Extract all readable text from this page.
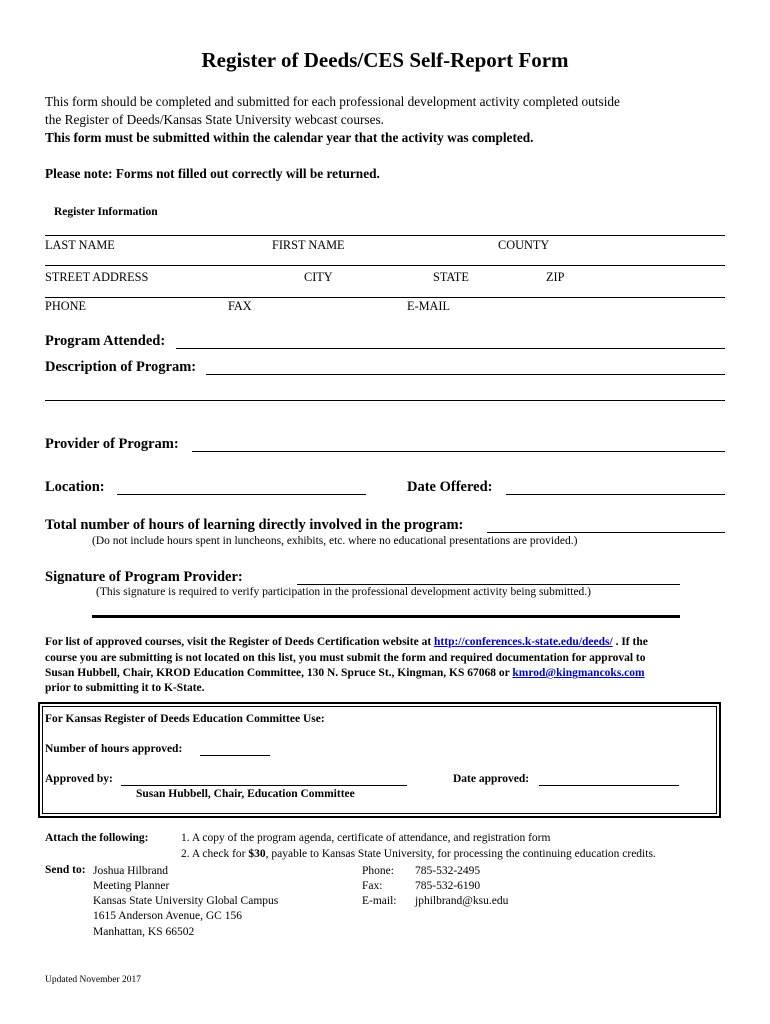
Register of Deeds/CES Self-Report Form
This form should be completed and submitted for each professional development activity completed outside
the Register of Deeds/Kansas State University webcast courses.
This form must be submitted within the calendar year that the activity was completed.
Please note: Forms not filled out correctly will be returned.
Register Information
LAST NAME	FIRST NAME	COUNTY
STREET ADDRESS	CITY	STATE	ZIP
PHONE	FAX	E-MAIL
Program Attended:
Description of Program:
Provider of Program:
Location:	Date Offered:
Total number of hours of learning directly involved in the program:
(Do not include hours spent in luncheons, exhibits, etc. where no educational presentations are provided.)
Signature of Program Provider:
(This signature is required to verify participation in the professional development activity being submitted.)
For list of approved courses, visit the Register of Deeds Certification website at http://conferences.k-state.edu/deeds/ . If the
course you are submitting is not located on this list, you must submit the form and required documentation for approval to
Susan Hubbell, Chair, KROD Education Committee, 130 N. Spruce St., Kingman, KS 67068 or kmrod@kingmancoks.com
prior to submitting it to K-State.
For Kansas Register of Deeds Education Committee Use:
Number of hours approved:
Approved by:	Date approved:
Susan Hubbell, Chair, Education Committee
Attach the following:	1. A copy of the program agenda, certificate of attendance, and registration form
2. A check for $30, payable to Kansas State University, for processing the continuing education credits.
Send to: Joshua Hilbrand
Meeting Planner
Kansas State University Global Campus
1615 Anderson Avenue, GC 156
Manhattan, KS 66502
Phone: 785-532-2495
Fax:	785-532-6190
E-mail: jphilbrand@ksu.edu
Updated November 2017
